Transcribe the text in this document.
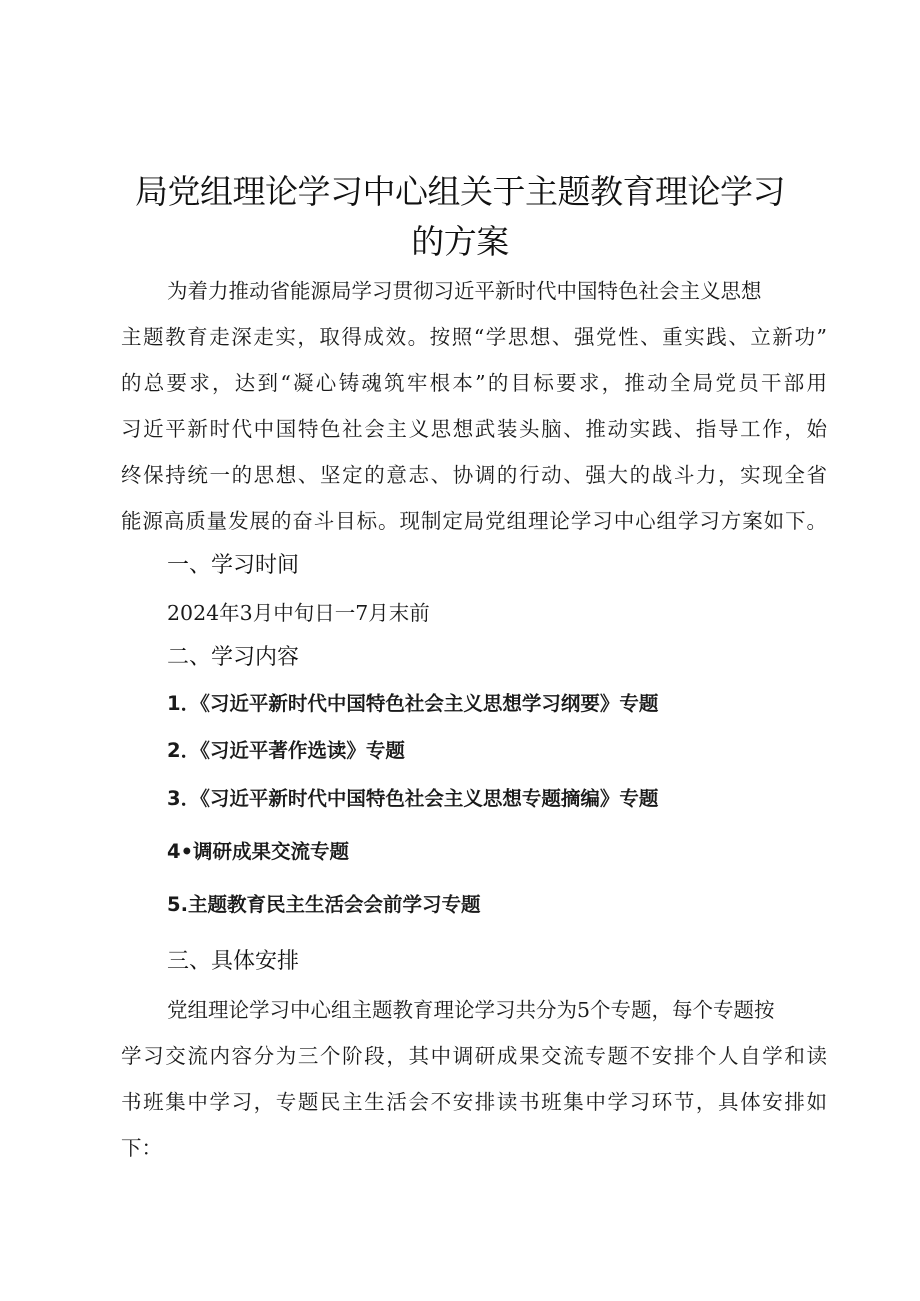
局党组理论学习中心组关于主题教育理论学习
的方案
为着力推动省能源局学习贯彻习近平新时代中国特色社会主义思想
主题教育走深走实，取得成效。按照“学思想、强党性、重实践、立新功”
的总要求，达到“凝心铸魂筑牢根本”的目标要求，推动全局党员干部用
习近平新时代中国特色社会主义思想武装头脑、推动实践、指导工作，始
终保持统一的思想、坚定的意志、协调的行动、强大的战斗力，实现全省
能源高质量发展的奋斗目标。现制定局党组理论学习中心组学习方案如下。
一、学习时间
2024年3月中旬日一7月末前
二、学习内容
1．《习近平新时代中国特色社会主义思想学习纲要》专题
2．《习近平著作选读》专题
3．《习近平新时代中国特色社会主义思想专题摘编》专题
4•调研成果交流专题
5.主题教育民主生活会会前学习专题
三、具体安排
党组理论学习中心组主题教育理论学习共分为5个专题，每个专题按
学习交流内容分为三个阶段，其中调研成果交流专题不安排个人自学和读
书班集中学习，专题民主生活会不安排读书班集中学习环节，具体安排如
下：
